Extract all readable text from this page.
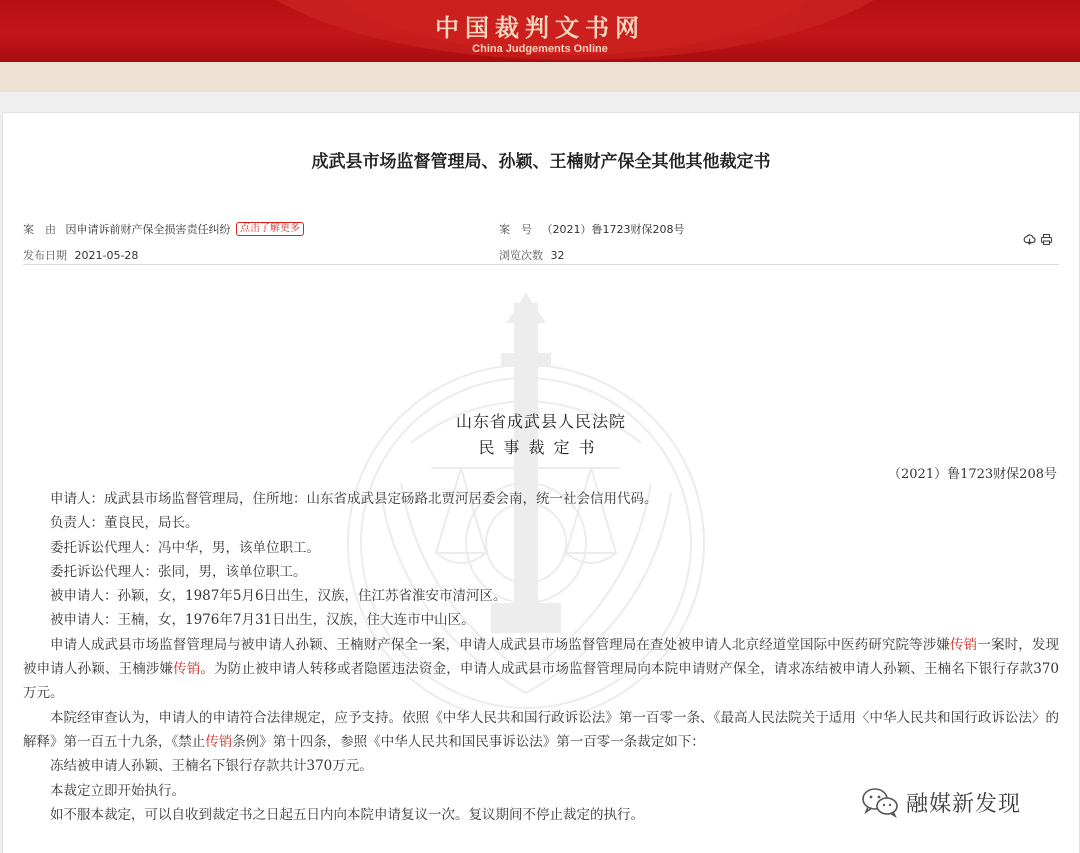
中国裁判文书网
China Judgements Online
成武县市场监督管理局、孙颖、王楠财产保全其他其他裁定书
案　由 因申请诉前财产保全损害责任纠纷 点击了解更多	案　号 （2021）鲁1723财保208号
发布日期 2021-05-28	浏览次数 32
山东省成武县人民法院
民事裁定书
（2021）鲁1723财保208号

申请人：成武县市场监督管理局，住所地：山东省成武县定砀路北贾河居委会南，统一社会信用代码。

负责人：董良民，局长。

委托诉讼代理人：冯中华，男，该单位职工。

委托诉讼代理人：张同，男，该单位职工。

被申请人：孙颖，女，1987年5月6日出生，汉族，住江苏省淮安市清河区。

被申请人：王楠，女，1976年7月31日出生，汉族，住大连市中山区。

申请人成武县市场监督管理局与被申请人孙颖、王楠财产保全一案，申请人成武县市场监督管理局在查处被申请人北京经道堂国际中医药研究院等涉嫌传销一案时，发现被申请人孙颖、王楠涉嫌传销。为防止被申请人转移或者隐匿违法资金，申请人成武县市场监督管理局向本院申请财产保全，请求冻结被申请人孙颖、王楠名下银行存款370万元。

本院经审查认为，申请人的申请符合法律规定，应予支持。依照《中华人民共和国行政诉讼法》第一百零一条、《最高人民法院关于适用〈中华人民共和国行政诉讼法〉的解释》第一百五十九条，《禁止传销条例》第十四条，参照《中华人民共和国民事诉讼法》第一百零一条裁定如下：

冻结被申请人孙颖、王楠名下银行存款共计370万元。

本裁定立即开始执行。

如不服本裁定，可以自收到裁定书之日起五日内向本院申请复议一次。复议期间不停止裁定的执行。	融媒新发现
